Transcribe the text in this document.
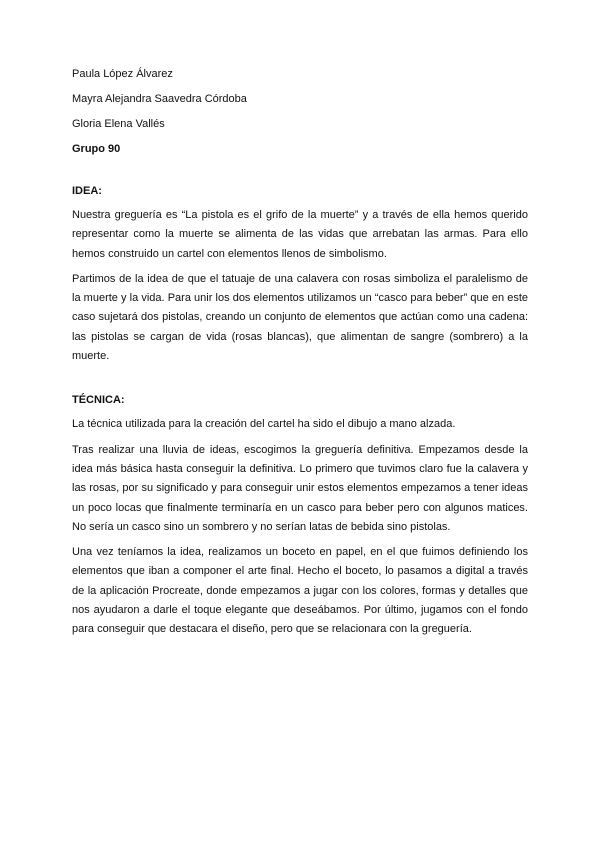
Paula López Álvarez

Mayra Alejandra Saavedra Córdoba

Gloria Elena Vallés

Grupo 90

IDEA:

Nuestra greguería es “La pistola es el grifo de la muerte” y a través de ella hemos querido representar como la muerte se alimenta de las vidas que arrebatan las armas. Para ello hemos construido un cartel con elementos llenos de simbolismo.

Partimos de la idea de que el tatuaje de una calavera con rosas simboliza el paralelismo de la muerte y la vida. Para unir los dos elementos utilizamos un “casco para beber” que en este caso sujetará dos pistolas, creando un conjunto de elementos que actúan como una cadena: las pistolas se cargan de vida (rosas blancas), que alimentan de sangre (sombrero) a la muerte.

TÉCNICA:

La técnica utilizada para la creación del cartel ha sido el dibujo a mano alzada.

Tras realizar una lluvia de ideas, escogimos la greguería definitiva. Empezamos desde la idea más básica hasta conseguir la definitiva. Lo primero que tuvimos claro fue la calavera y las rosas, por su significado y para conseguir unir estos elementos empezamos a tener ideas un poco locas que finalmente terminaría en un casco para beber pero con algunos matices. No sería un casco sino un sombrero y no serían latas de bebida sino pistolas.

Una vez teníamos la idea, realizamos un boceto en papel, en el que fuimos definiendo los elementos que iban a componer el arte final. Hecho el boceto, lo pasamos a digital a través de la aplicación Procreate, donde empezamos a jugar con los colores, formas y detalles que nos ayudaron a darle el toque elegante que deseábamos. Por último, jugamos con el fondo para conseguir que destacara el diseño, pero que se relacionara con la greguería.
